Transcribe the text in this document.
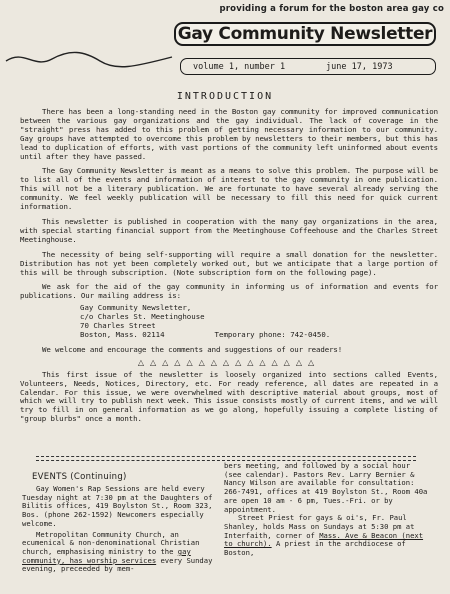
providing a forum for the boston area gay co
Gay Community Newsletter
volume 1, number 1        june 17, 1973
INTRODUCTION

There has been a long-standing need in the Boston gay community for improved communication between the various gay organizations and the gay individual. The lack of coverage in the "straight" press has added to this problem of getting necessary information to our community. Gay groups have attempted to overcome this problem by newsletters to their members, but this has lead to duplication of efforts, with vast portions of the community left uninformed about events until after they have passed.

The Gay Community Newsletter is meant as a means to solve this problem. The purpose will be to list all of the events and information of interest to the gay community in one publication. This will not be a literary publication. We are fortunate to have several already serving the community. We feel weekly publication will be necessary to fill this need for quick current information.

This newsletter is published in cooperation with the many gay organizations in the area, with special starting financial support from the Meetinghouse Coffeehouse and the Charles Street Meetinghouse.

The necessity of being self-supporting will require a small donation for the newsletter. Distribution has not yet been completely worked out, but we anticipate that a large portion of this will be through subscription. (Note subscription form on the following page).

We ask for the aid of the gay community in informing us of information and events for publications. Our mailing address is:

Gay Community Newsletter,
c/o Charles St. Meetinghouse
70 Charles Street
Boston, Mass. 02114	Temporary phone: 742-0450.

We welcome and encourage the comments and suggestions of our readers!

△△△△△△△△△△△△△△△

This first issue of the newsletter is loosely organized into sections called Events, Volunteers, Needs, Notices, Directory, etc. For ready reference, all dates are repeated in a Calendar. For this issue, we were overwhelmed with descriptive material about groups, most of which we will try to publish next week. This issue consists mostly of current items, and we will try to fill in on general information as we go along, hopefully issuing a complete listing of "group blurbs" once a month.

EVENTS (Continuing)

Gay Women's Rap Sessions are held every Tuesday night at 7:30 pm at the Daughters of Bilitis offices, 419 Boylston St., Room 323, Bos. (phone 262-1592) Newcomers especially welcome.

Metropolitan Community Church, an ecumenical & non-denominational Christian church, emphasising ministry to the gay community, has worship services every Sunday evening, preceeded by mem-

bers meeting, and followed by a social hour (see calendar). Pastors Rev. Larry Bernier & Nancy Wilson are available for consultation: 266-7491, offices at 419 Boylston St., Room 40a are open 10 am - 6 pm, Tues.-Fri. or by appointment.

Street Priest for gays & oi's, Fr. Paul Shanley, holds Mass on Sundays at 5:30 pm at Interfaith, corner of Mass. Ave & Beacon (next to church). A priest in the archdiocese of Boston,
